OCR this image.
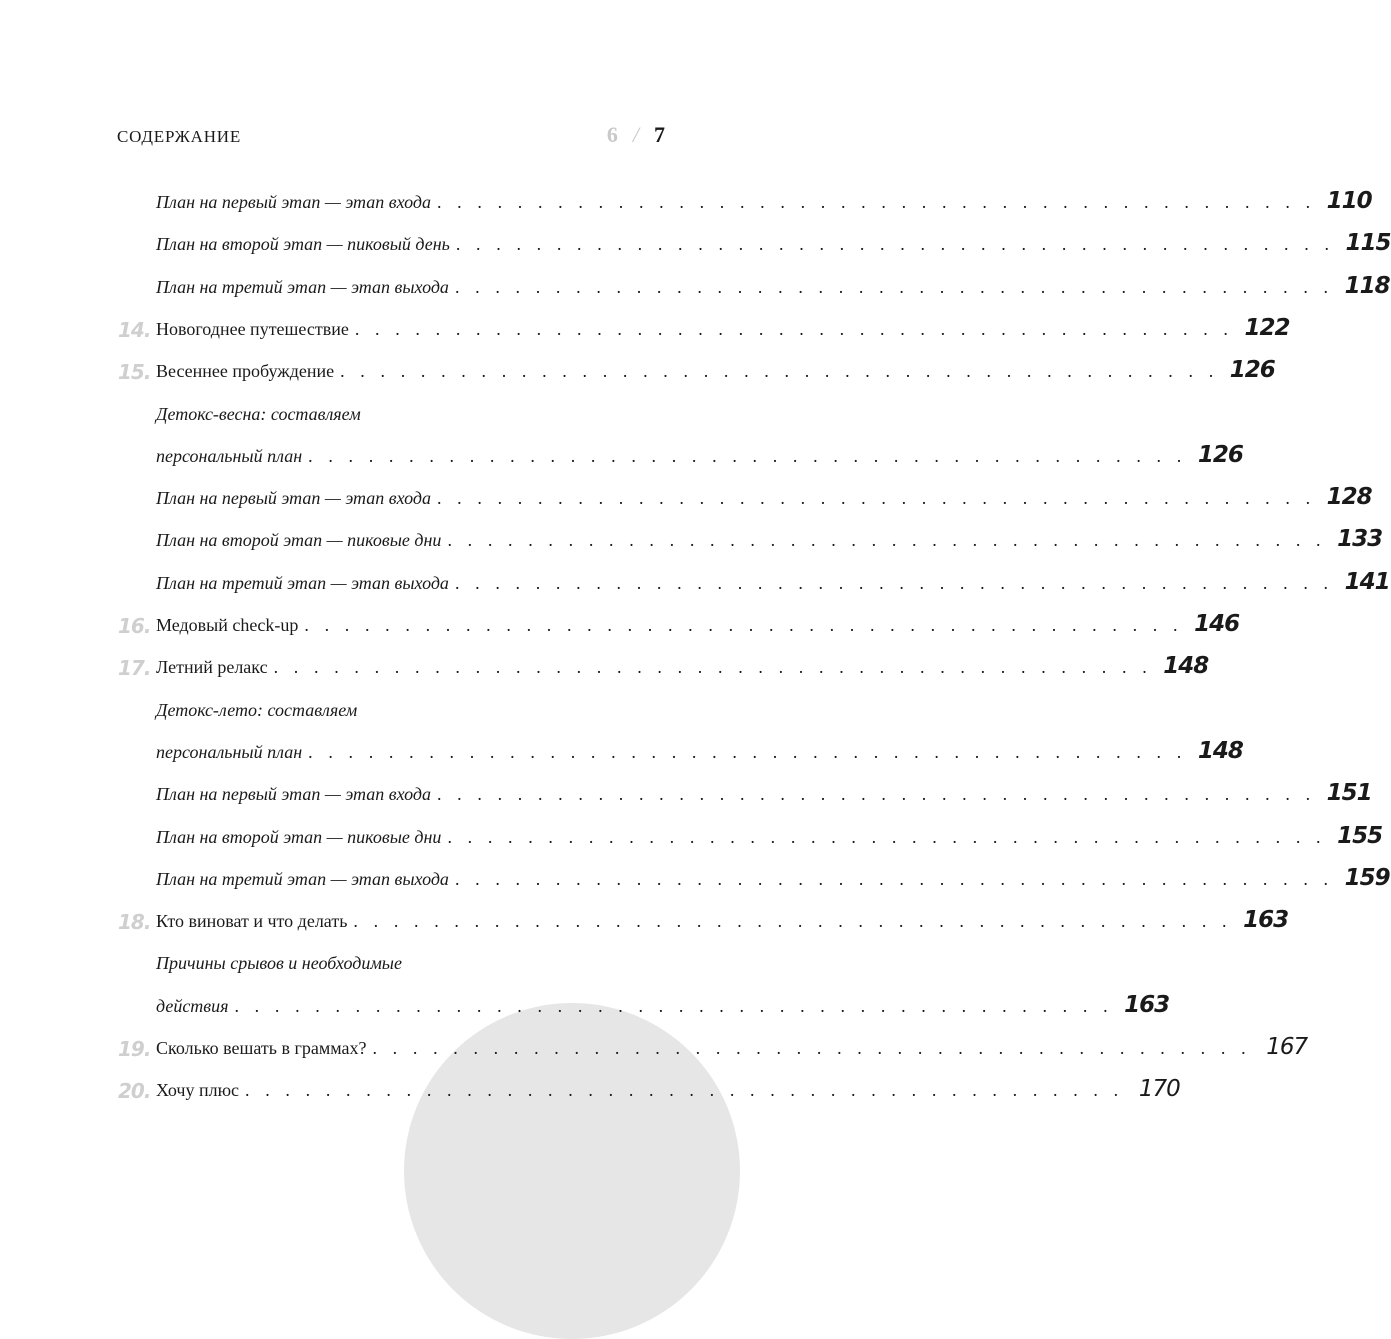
СОДЕРЖАНИЕ	6 / 7
План на первый этап — этап входа . . . . . . . . . . . . . . . . . . . . . . . . . . . . . . . . . . . . . . . . . . . . 110
План на второй этап — пиковый день . . . . . . . . . . . . . . . . . . . . . . . . . . . . . . . . . . . . . . . . . . . . 115
План на третий этап — этап выхода . . . . . . . . . . . . . . . . . . . . . . . . . . . . . . . . . . . . . . . . . . . . 118
14. Новогоднее путешествие . . . . . . . . . . . . . . . . . . . . . . . . . . . . . . . . . . . . . . . . . . . . 122
15. Весеннее пробуждение . . . . . . . . . . . . . . . . . . . . . . . . . . . . . . . . . . . . . . . . . . . . 126
Детокс-весна: составляем
персональный план . . . . . . . . . . . . . . . . . . . . . . . . . . . . . . . . . . . . . . . . . . . . 126
План на первый этап — этап входа . . . . . . . . . . . . . . . . . . . . . . . . . . . . . . . . . . . . . . . . . . . . 128
План на второй этап — пиковые дни . . . . . . . . . . . . . . . . . . . . . . . . . . . . . . . . . . . . . . . . . . . . 133
План на третий этап — этап выхода . . . . . . . . . . . . . . . . . . . . . . . . . . . . . . . . . . . . . . . . . . . . 141
16. Медовый check-up . . . . . . . . . . . . . . . . . . . . . . . . . . . . . . . . . . . . . . . . . . . . 146
17. Летний релакс . . . . . . . . . . . . . . . . . . . . . . . . . . . . . . . . . . . . . . . . . . . . 148
Детокс-лето: составляем
персональный план . . . . . . . . . . . . . . . . . . . . . . . . . . . . . . . . . . . . . . . . . . . . 148
План на первый этап — этап входа . . . . . . . . . . . . . . . . . . . . . . . . . . . . . . . . . . . . . . . . . . . . 151
План на второй этап — пиковые дни . . . . . . . . . . . . . . . . . . . . . . . . . . . . . . . . . . . . . . . . . . . . 155
План на третий этап — этап выхода . . . . . . . . . . . . . . . . . . . . . . . . . . . . . . . . . . . . . . . . . . . . 159
18. Кто виноват и что делать . . . . . . . . . . . . . . . . . . . . . . . . . . . . . . . . . . . . . . . . . . . . 163
Причины срывов и необходимые
действия . . . . . . . . . . . . . . . . . . . . . . . . . . . . . . . . . . . . . . . . . . . . 163
19. Сколько вешать в граммах? . . . . . . . . . . . . . . . . . . . . . . . . . . . . . . . . . . . . . . . . . . . . 167
20. Хочу плюс . . . . . . . . . . . . . . . . . . . . . . . . . . . . . . . . . . . . . . . . . . . . 170
